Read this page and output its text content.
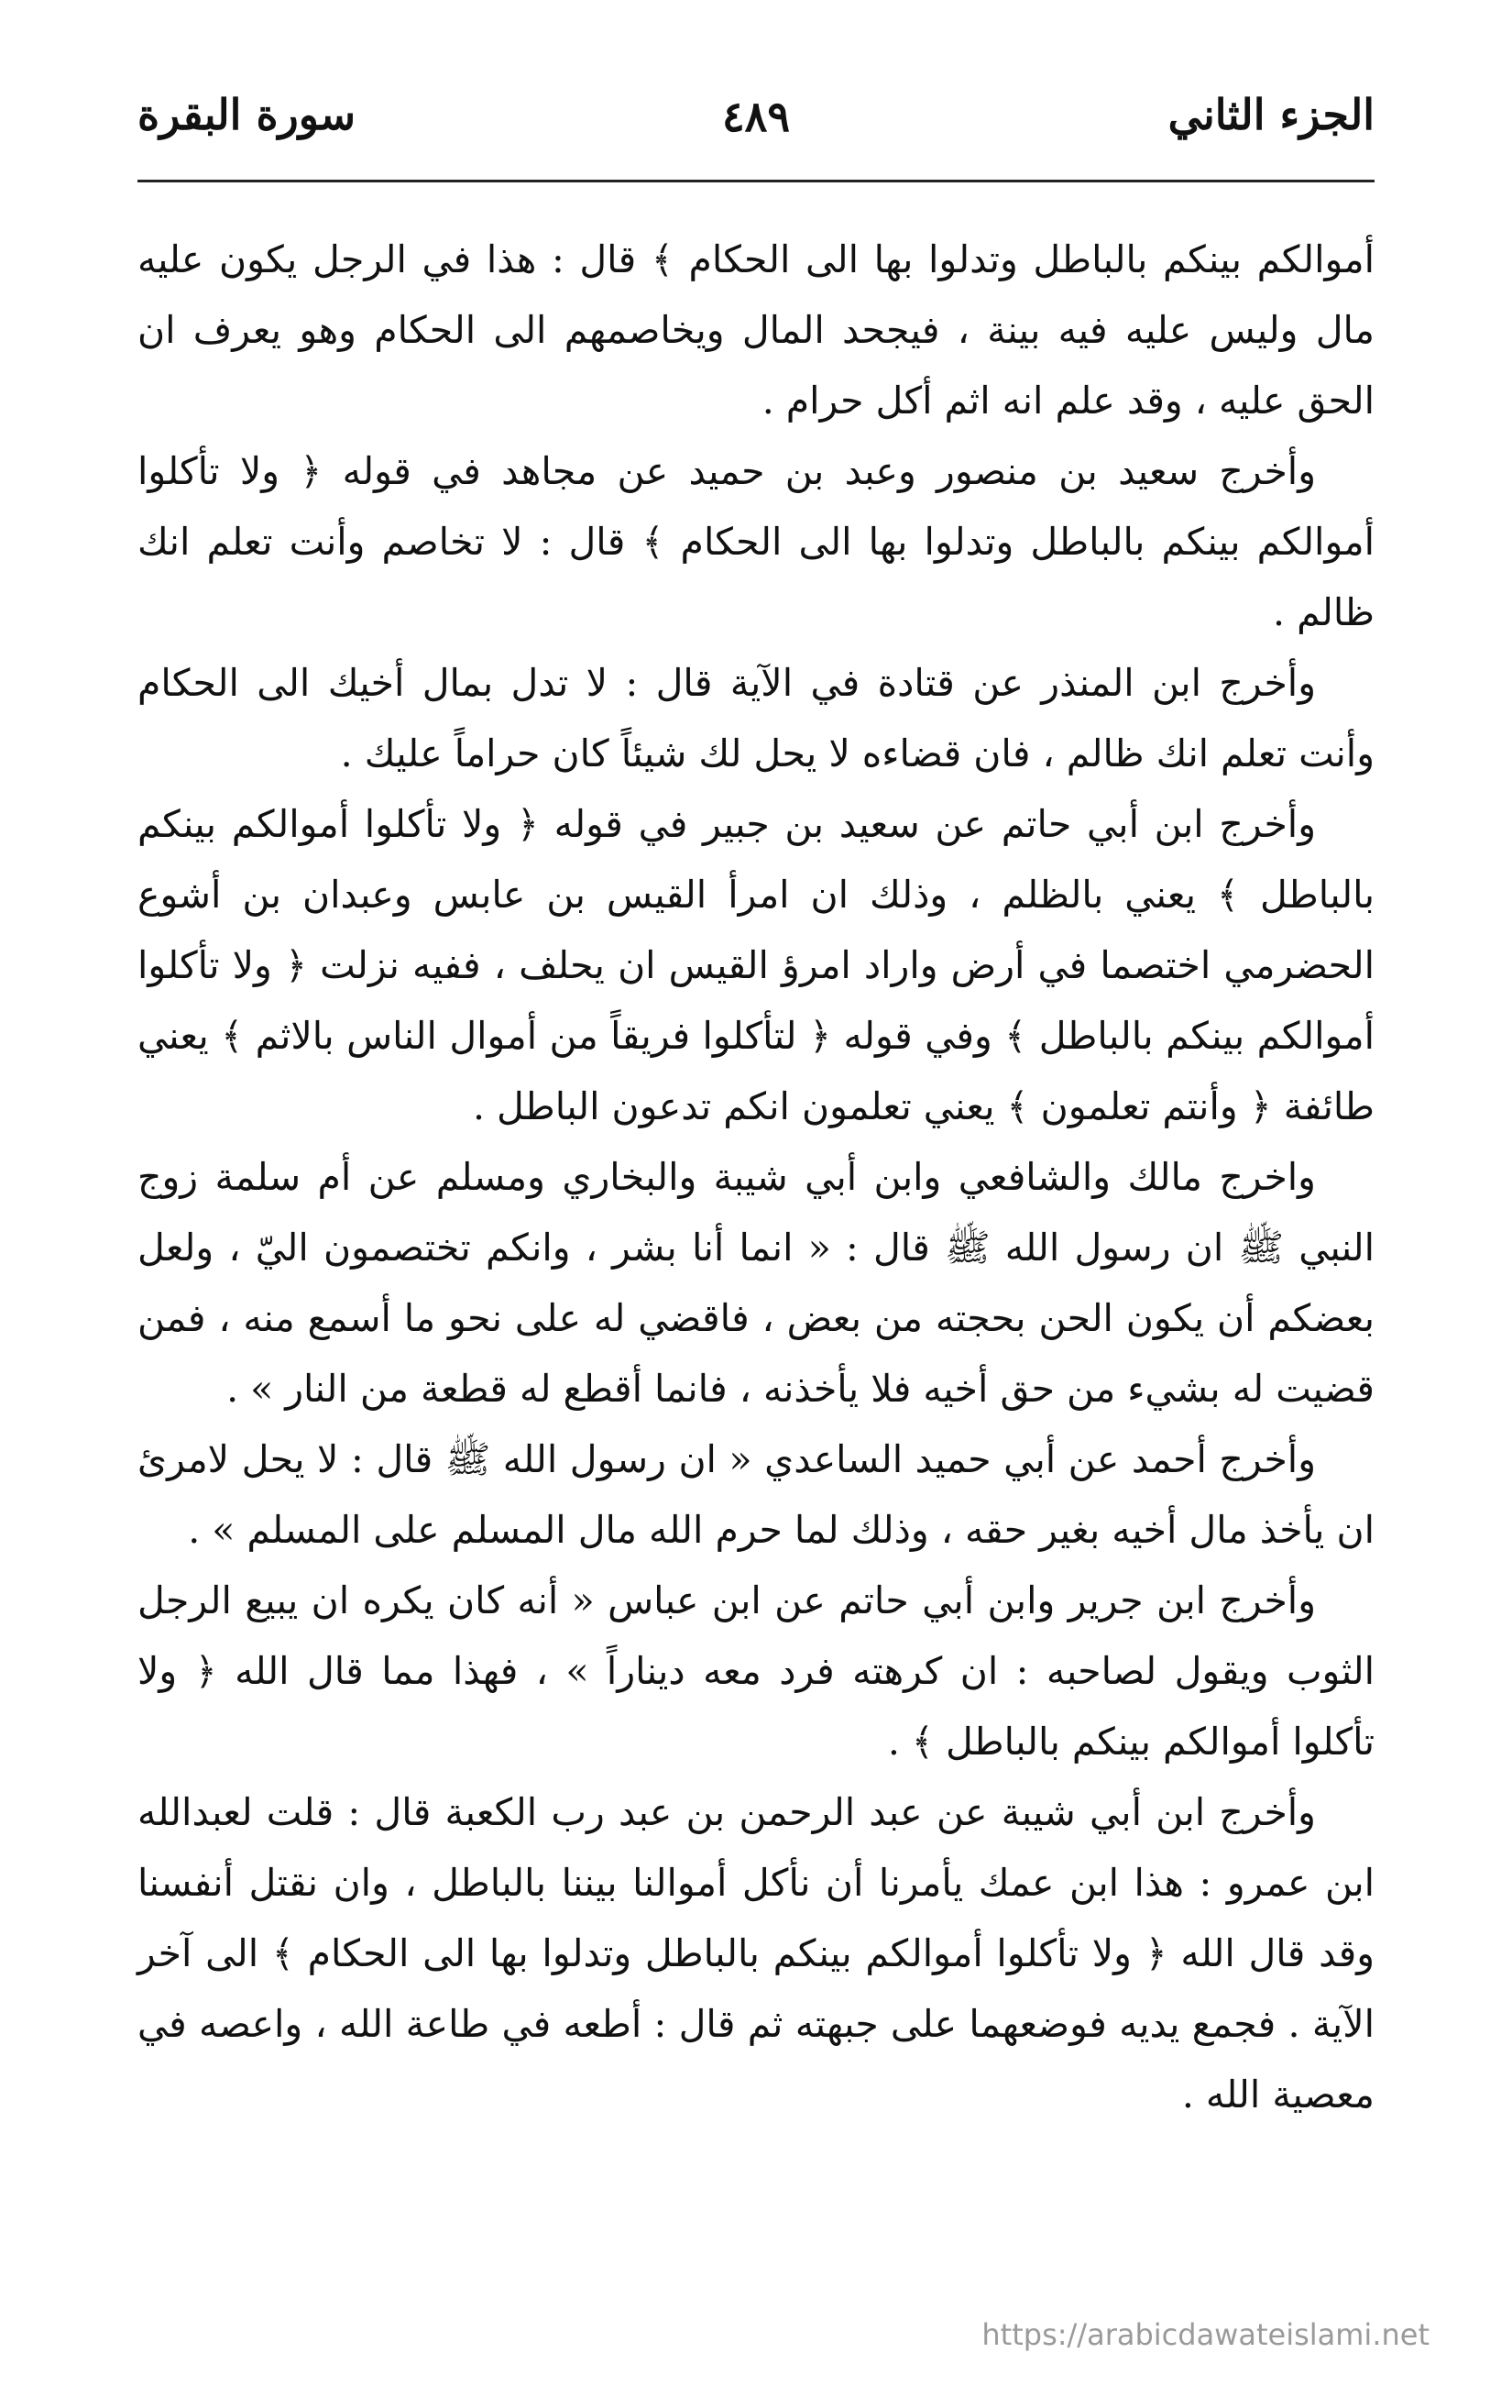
الجزء الثاني
٤٨٩
سورة البقرة

أموالكم بينكم بالباطل وتدلوا بها الى الحكام ﴾ قال : هذا في الرجل يكون عليه مال وليس عليه فيه بينة ، فيجحد المال ويخاصمهم الى الحكام وهو يعرف ان الحق عليه ، وقد علم انه اثم أكل حرام .

وأخرج سعيد بن منصور وعبد بن حميد عن مجاهد في قوله ﴿ ولا تأكلوا أموالكم بينكم بالباطل وتدلوا بها الى الحكام ﴾ قال : لا تخاصم وأنت تعلم انك ظالم .

وأخرج ابن المنذر عن قتادة في الآية قال : لا تدل بمال أخيك الى الحكام وأنت تعلم انك ظالم ، فان قضاءه لا يحل لك شيئاً كان حراماً عليك .

وأخرج ابن أبي حاتم عن سعيد بن جبير في قوله ﴿ ولا تأكلوا أموالكم بينكم بالباطل ﴾ يعني بالظلم ، وذلك ان امرأ القيس بن عابس وعبدان بن أشوع الحضرمي اختصما في أرض واراد امرؤ القيس ان يحلف ، ففيه نزلت ﴿ ولا تأكلوا أموالكم بينكم بالباطل ﴾ وفي قوله ﴿ لتأكلوا فريقاً من أموال الناس بالاثم ﴾ يعني طائفة ﴿ وأنتم تعلمون ﴾ يعني تعلمون انكم تدعون الباطل .

واخرج مالك والشافعي وابن أبي شيبة والبخاري ومسلم عن أم سلمة زوج النبي ﷺ ان رسول الله ﷺ قال : « انما أنا بشر ، وانكم تختصمون اليّ ، ولعل بعضكم أن يكون الحن بحجته من بعض ، فاقضي له على نحو ما أسمع منه ، فمن قضيت له بشيء من حق أخيه فلا يأخذنه ، فانما أقطع له قطعة من النار » .

وأخرج أحمد عن أبي حميد الساعدي « ان رسول الله ﷺ قال : لا يحل لامرئ ان يأخذ مال أخيه بغير حقه ، وذلك لما حرم الله مال المسلم على المسلم » .

وأخرج ابن جرير وابن أبي حاتم عن ابن عباس « أنه كان يكره ان يبيع الرجل الثوب ويقول لصاحبه : ان كرهته فرد معه ديناراً » ، فهذا مما قال الله ﴿ ولا تأكلوا أموالكم بينكم بالباطل ﴾ .

وأخرج ابن أبي شيبة عن عبد الرحمن بن عبد رب الكعبة قال : قلت لعبدالله ابن عمرو : هذا ابن عمك يأمرنا أن نأكل أموالنا بيننا بالباطل ، وان نقتل أنفسنا وقد قال الله ﴿ ولا تأكلوا أموالكم بينكم بالباطل وتدلوا بها الى الحكام ﴾ الى آخر الآية . فجمع يديه فوضعهما على جبهته ثم قال : أطعه في طاعة الله ، واعصه في معصية الله .

https://arabicdawateislami.net
